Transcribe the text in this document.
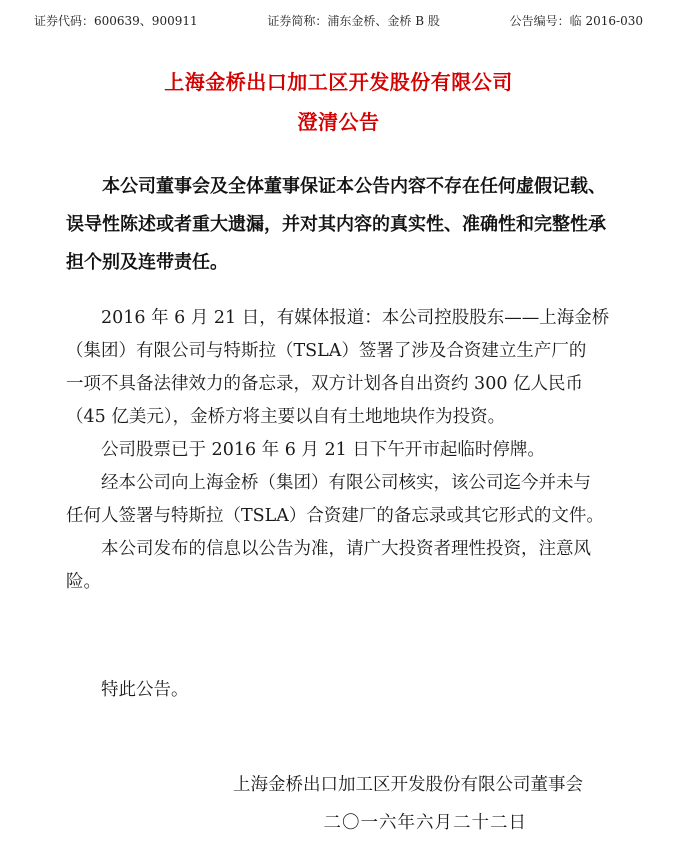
证券代码：600639、900911	证券简称：浦东金桥、金桥 B 股	公告编号：临 2016-030
上海金桥出口加工区开发股份有限公司
澄清公告

　　本公司董事会及全体董事保证本公告内容不存在任何虚假记载、

误导性陈述或者重大遗漏，并对其内容的真实性、准确性和完整性承

担个别及连带责任。

　　2016 年 6 月 21 日，有媒体报道：本公司控股股东——上海金桥

（集团）有限公司与特斯拉（TSLA）签署了涉及合资建立生产厂的

一项不具备法律效力的备忘录，双方计划各自出资约 300 亿人民币

（45 亿美元），金桥方将主要以自有土地地块作为投资。

　　公司股票已于 2016 年 6 月 21 日下午开市起临时停牌。

　　经本公司向上海金桥（集团）有限公司核实，该公司迄今并未与

任何人签署与特斯拉（TSLA）合资建厂的备忘录或其它形式的文件。

　　本公司发布的信息以公告为准，请广大投资者理性投资，注意风

险。

　　特此公告。
上海金桥出口加工区开发股份有限公司董事会
二〇一六年六月二十二日
